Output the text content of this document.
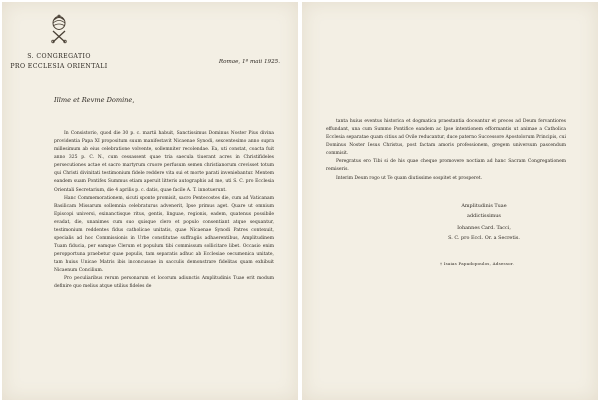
S. CONGREGATIO
PRO ECCLESIA ORIENTALI
Romae, 1ª maii 1925.
Illme et Revme Domine,

In Consistorio, quod die 30 p. c. martii habuit, Sanctissimus Dominus Noster Pius divina providentia Papa XI propositum suum manifestavit Nicaenae Synodi, sexcentesimo anno supra millesimum ab eius celebratione volvente, sollemniter recolendae. Ea, uti constat, coacta fuit anno 325 p. C. N., cum cessassent quae tria saecula tiuerant acres in Christifideles persecutiones actae et sacro martyrum cruore perfusum semen christianorum crevisset totum qui Christi divinitati testimonium fidele reddere vita sui et morte parati inveniebantur. Mentem eandem suam Pontifex Summus etiam aperuit litteris autographis ad me, uti S. C. pro Ecclesia Orientali Secretarium, die 4 aprilis p. c. datis, quae facile A. T. innotuerunt.

Hanc Commemorationem, sicuti sponte promisit, sacro Pentecostes die, cum ad Vaticanam Basilicam Missarum sollemnia celebraturus advenerit, Ipse primus aget. Quare ut omnium Episcopi universi, exinanctisque ritus, gentis, linguae, regionis, eadem, quatenus possibile evadat, die, unanimes cum suo quisque clero et populo consentiant atque sequantur, testimonium reddentes fidus catholicae unitatis, quae Nicaenae Synodi Patres contexuit, specialis ad hoc Commissionis in Urbe constitutae suffragiis adhaerentibus, Amplitudinem Tuam fiducia, per eamque Clerum et populum tibi commissum sollicitare libet. Occasio enim peropportuna praebetur quae populis, tam separatis adhuc ab Ecclesiae oecumenica unitate, tam huius Unicae Matris ibis inconcussae in sacculis demonstrare fidelitas quam exhibuit Nicaenum Concilium.

Pro peculiaribus rerum personarum et locorum adiunctis Amplitudinis Tuae erit modum definire quo melius atque utilius fideles de

tanta huius eventus historica et dogmatica praestantia doceantur et preces ad Deum fervantiores effundant, una cum Summo Pontifice eandem ac Ipse intentionem efformantis ut animae a Catholica Ecclesia separatae quam citius ad Ovile reducantur, duce paterno Successore Apostolorum Principis, cui Dominus Noster Iesus Christus, post factam amoris professionem, gregem universum pascendum commisit.

Peregratus ero Tibi si de his quae cheque promovere noctiam ad hanc Sacram Congregationem remiseris.

Interim Deum rogo ut Te quam diutissime sospitet et prosperet.

Amplitudinis Tuae
addictissimus
Iohannes Card. Tacci,
S. C. pro Eccl. Or. a Secretis.
† Isaias Papadopoulos, Adsessor.
